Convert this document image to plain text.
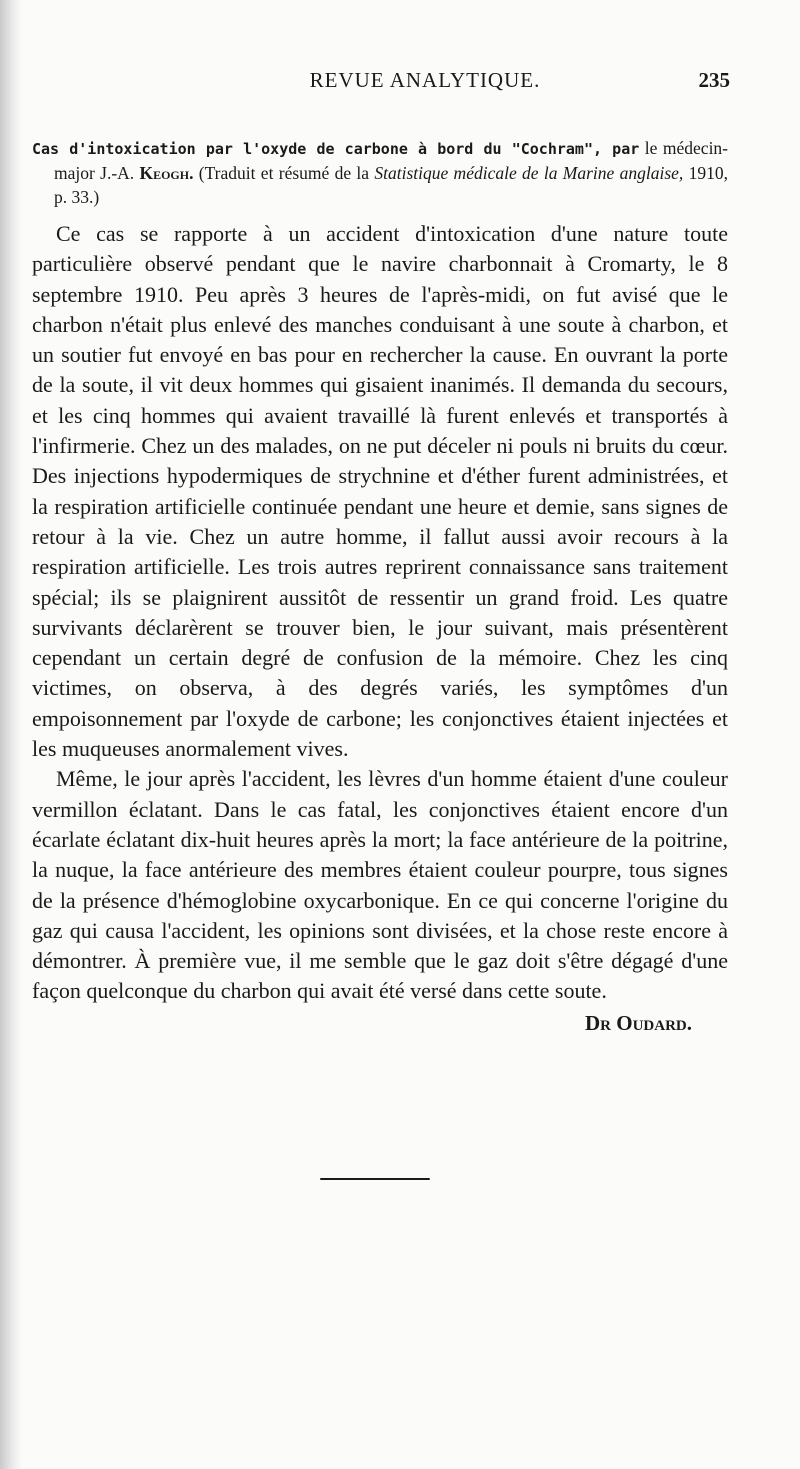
REVUE ANALYTIQUE.	235

Cas d'intoxication par l'oxyde de carbone à bord du "Cochram", par le médecin-major J.-A. Keogh. (Traduit et résumé de la Statistique médicale de la Marine anglaise, 1910, p. 33.)

Ce cas se rapporte à un accident d'intoxication d'une nature toute particulière observé pendant que le navire charbonnait à Cromarty, le 8 septembre 1910. Peu après 3 heures de l'après-midi, on fut avisé que le charbon n'était plus enlevé des manches conduisant à une soute à charbon, et un soutier fut envoyé en bas pour en rechercher la cause. En ouvrant la porte de la soute, il vit deux hommes qui gisaient inanimés. Il demanda du secours, et les cinq hommes qui avaient travaillé là furent enlevés et transportés à l'infirmerie. Chez un des malades, on ne put déceler ni pouls ni bruits du cœur. Des injections hypodermiques de strychnine et d'éther furent administrées, et la respiration artificielle continuée pendant une heure et demie, sans signes de retour à la vie. Chez un autre homme, il fallut aussi avoir recours à la respiration artificielle. Les trois autres reprirent connaissance sans traitement spécial; ils se plaignirent aussitôt de ressentir un grand froid. Les quatre survivants déclarèrent se trouver bien, le jour suivant, mais présentèrent cependant un certain degré de confusion de la mémoire. Chez les cinq victimes, on observa, à des degrés variés, les symptômes d'un empoisonnement par l'oxyde de carbone; les conjonctives étaient injectées et les muqueuses anormalement vives.

Même, le jour après l'accident, les lèvres d'un homme étaient d'une couleur vermillon éclatant. Dans le cas fatal, les conjonctives étaient encore d'un écarlate éclatant dix-huit heures après la mort; la face antérieure de la poitrine, la nuque, la face antérieure des membres étaient couleur pourpre, tous signes de la présence d'hémoglobine oxycarbonique. En ce qui concerne l'origine du gaz qui causa l'accident, les opinions sont divisées, et la chose reste encore à démontrer. À première vue, il me semble que le gaz doit s'être dégagé d'une façon quelconque du charbon qui avait été versé dans cette soute.

Dr Oudard.
